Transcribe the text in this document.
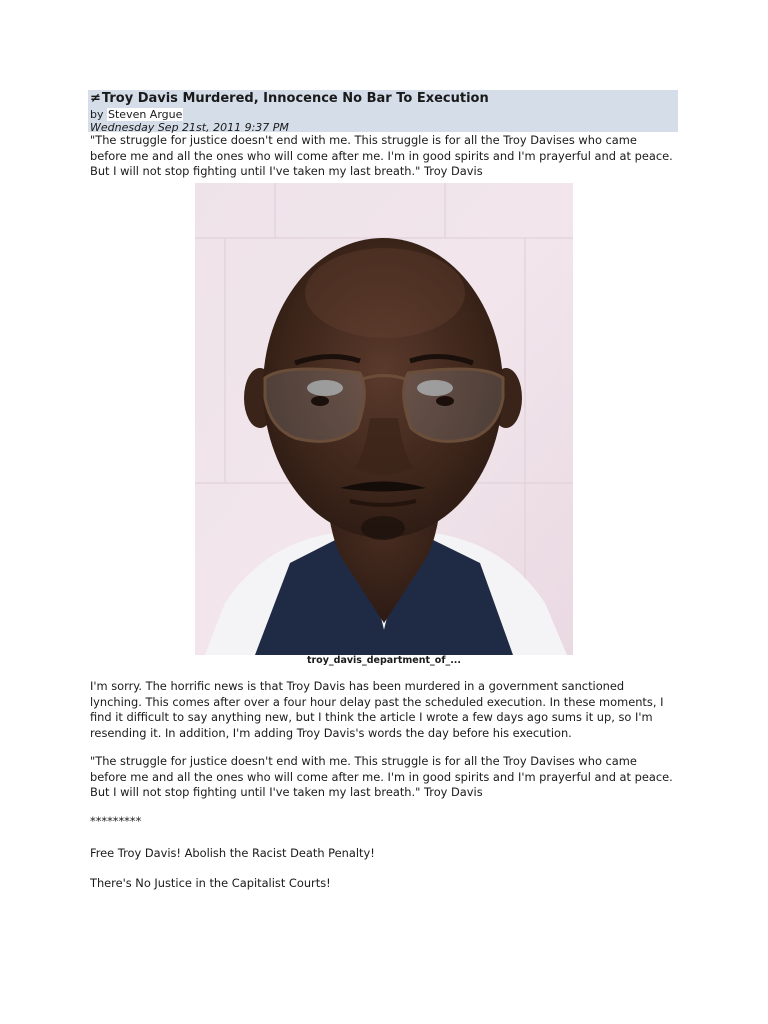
≠ Troy Davis Murdered, Innocence No Bar To Execution
by Steven Argue
Wednesday Sep 21st, 2011 9:37 PM
"The struggle for justice doesn't end with me. This struggle is for all the Troy Davises who came
before me and all the ones who will come after me. I'm in good spirits and I'm prayerful and at peace.
But I will not stop fighting until I've taken my last breath." Troy Davis
troy_davis_department_of_...
I'm sorry. The horrific news is that Troy Davis has been murdered in a government sanctioned
lynching. This comes after over a four hour delay past the scheduled execution. In these moments, I
find it difficult to say anything new, but I think the article I wrote a few days ago sums it up, so I'm
resending it. In addition, I'm adding Troy Davis's words the day before his execution.
"The struggle for justice doesn't end with me. This struggle is for all the Troy Davises who came
before me and all the ones who will come after me. I'm in good spirits and I'm prayerful and at peace.
But I will not stop fighting until I've taken my last breath." Troy Davis
*********
Free Troy Davis! Abolish the Racist Death Penalty!
There's No Justice in the Capitalist Courts!
